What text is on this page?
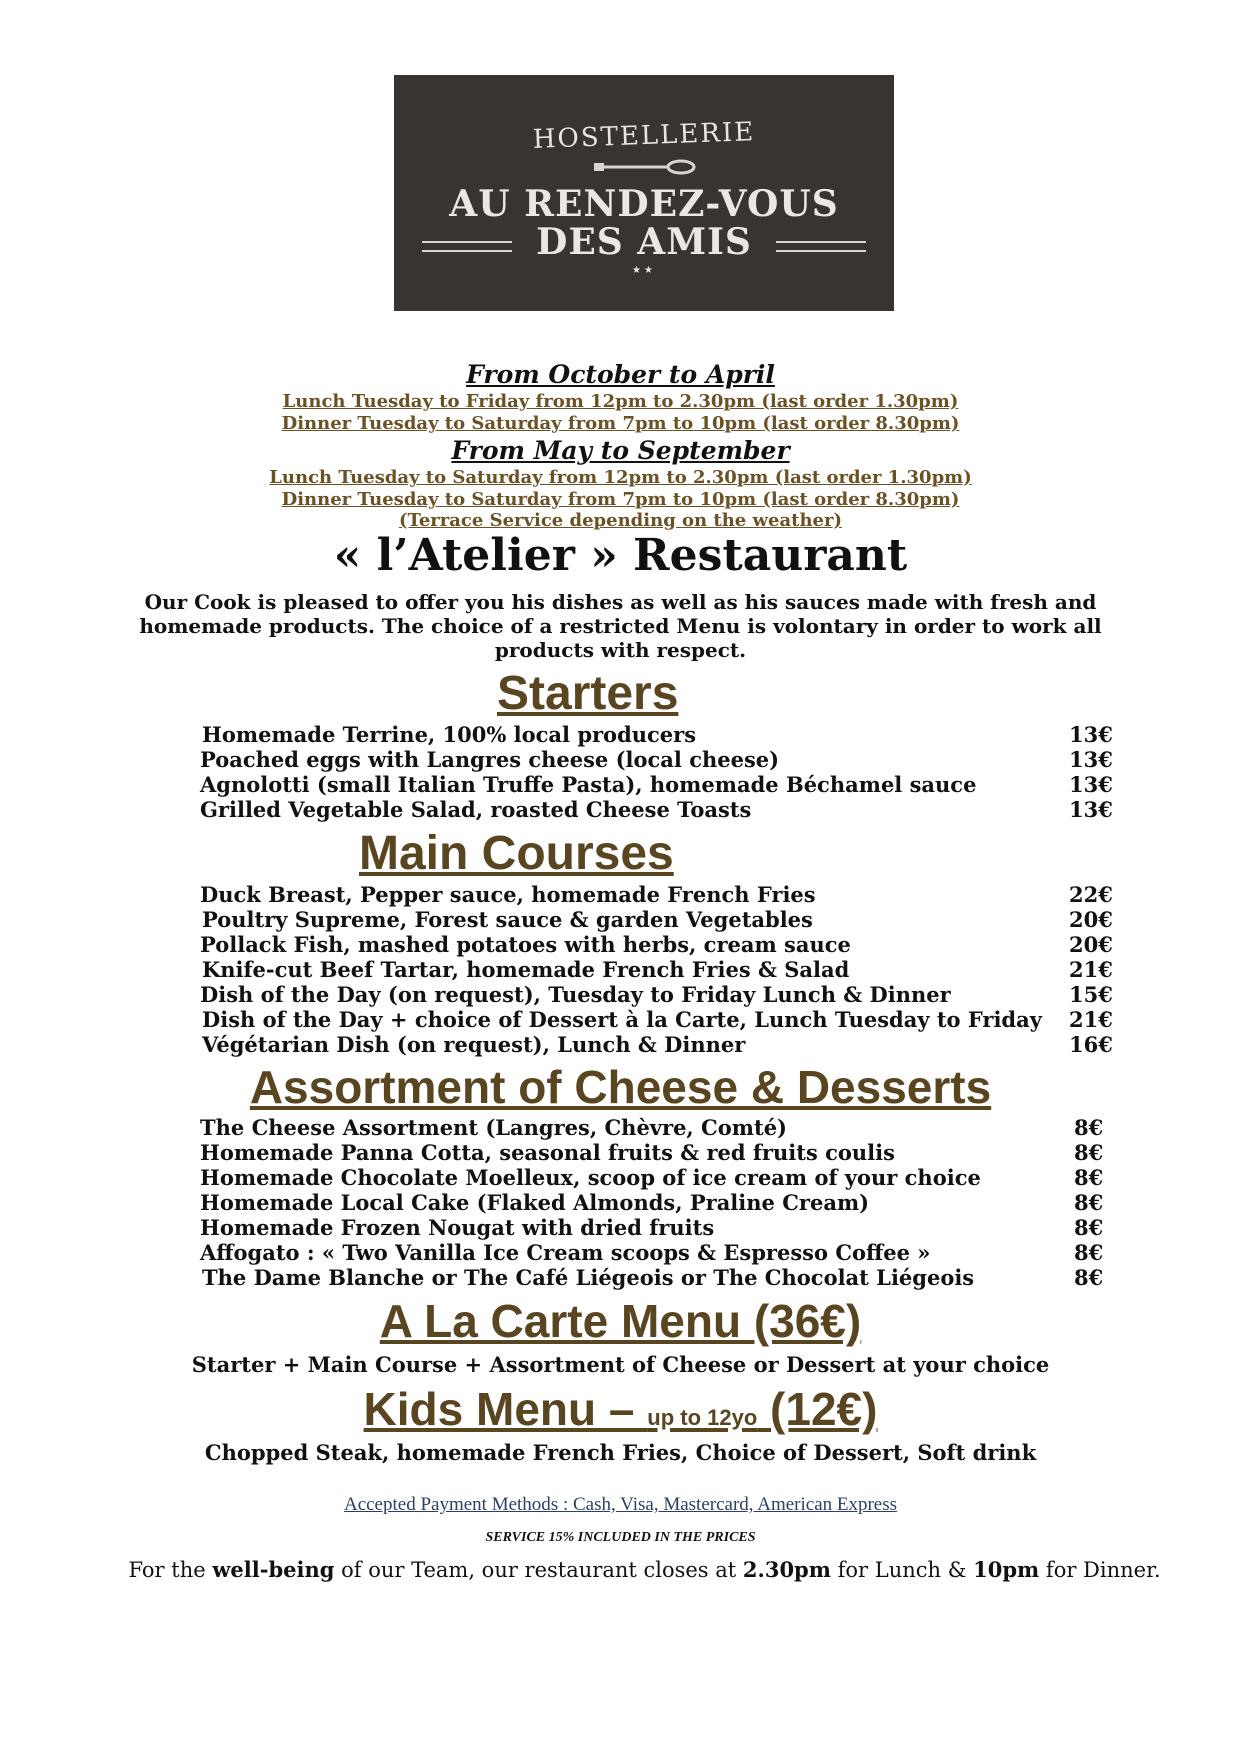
HOSTELLERIE
AU RENDEZ-VOUS
DES AMIS
★★
From October to April
Lunch Tuesday to Friday from 12pm to 2.30pm (last order 1.30pm)
Dinner Tuesday to Saturday from 7pm to 10pm (last order 8.30pm)
From May to September
Lunch Tuesday to Saturday from 12pm to 2.30pm (last order 1.30pm)
Dinner Tuesday to Saturday from 7pm to 10pm (last order 8.30pm)
(Terrace Service depending on the weather)
« l’Atelier » Restaurant
Our Cook is pleased to offer you his dishes as well as his sauces made with fresh and
homemade products. The choice of a restricted Menu is volontary in order to work all
products with respect.
Starters
Homemade Terrine, 100% local producers	13€
Poached eggs with Langres cheese (local cheese)	13€
Agnolotti (small Italian Truffe Pasta), homemade Béchamel sauce	13€
Grilled Vegetable Salad, roasted Cheese Toasts	13€
Main Courses
Duck Breast, Pepper sauce, homemade French Fries	22€
Poultry Supreme, Forest sauce & garden Vegetables	20€
Pollack Fish, mashed potatoes with herbs, cream sauce	20€
Knife-cut Beef Tartar, homemade French Fries & Salad	21€
Dish of the Day (on request), Tuesday to Friday Lunch & Dinner	15€
Dish of the Day + choice of Dessert à la Carte, Lunch Tuesday to Friday 21€
Végétarian Dish (on request), Lunch & Dinner	16€
Assortment of Cheese & Desserts
The Cheese Assortment (Langres, Chèvre, Comté)	8€
Homemade Panna Cotta, seasonal fruits & red fruits coulis	8€
Homemade Chocolate Moelleux, scoop of ice cream of your choice	8€
Homemade Local Cake (Flaked Almonds, Praline Cream)	8€
Homemade Frozen Nougat with dried fruits	8€
Affogato : « Two Vanilla Ice Cream scoops & Espresso Coffee »	8€
The Dame Blanche or The Café Liégeois or The Chocolat Liégeois	8€
A La Carte Menu (36€)
Starter + Main Course + Assortment of Cheese or Dessert at your choice
Kids Menu – up to 12yo (12€)
Chopped Steak, homemade French Fries, Choice of Dessert, Soft drink
Accepted Payment Methods : Cash, Visa, Mastercard, American Express
SERVICE 15% INCLUDED IN THE PRICES
For the well-being of our Team, our restaurant closes at 2.30pm for Lunch & 10pm for Dinner.
